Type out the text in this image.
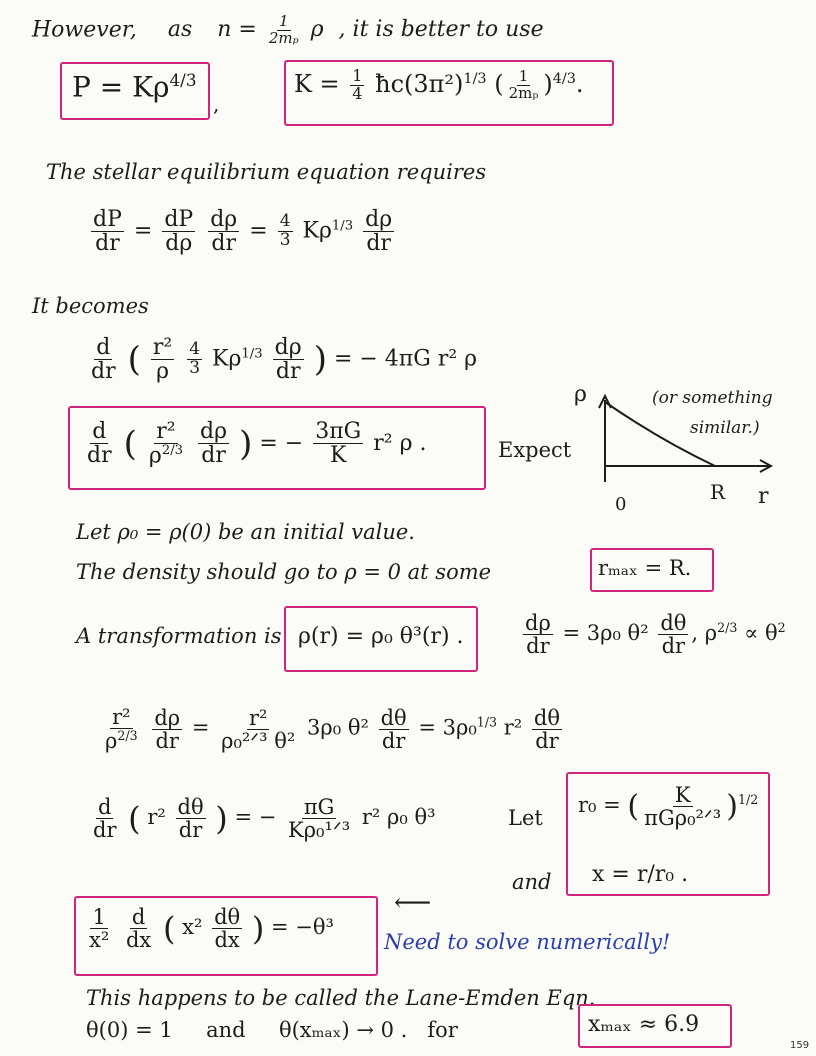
However, as $n = \frac{1}{\text{2mₚ}}$ ρ , it is better to use
$P = K\rho^{4/3}$
,
$K = \frac{1}{4}$ $ħc(3\pi^2)^{1/3}$ ( $\frac{1}{\text{2mₚ}} )^{4/3}$.
The stellar equilibrium equation requires
$\frac{dP}{dr} = \frac{dP}{d\rho}$
$\frac{d\rho}{dr} = \frac{4}{3} K\rho^{1/3} \frac{d\rho}{dr}$
It becomes
$\frac{d}{dr}$ ( $\frac{\text{r²}}{\rho}$
$\frac{4}{3} K\rho^{1/3} \frac{d\rho}{dr}$ ) = − 4πG r² ρ
$\frac{d}{dr}$ ( $\frac{\text{r²}}{\rho^{2/3}}$
$\frac{d\rho}{dr}$ ) = − $\frac{3\pi G}{K} r^2$ ρ .	Expect
ρ
r
0
R
(or something
similar.)
Let ρ₀ = ρ(0) be an initial value.
The density should go to ρ = 0 at some	rₘₐₓ = R.
A transformation is ρ(r) = ρ₀ θ³(r) .	$\frac{d\rho}{dr} = 3\rho_0$ $\theta^2 \frac{d\theta}{dr}$ , $\rho^{2/3} \propto \theta^2$
$\frac{\text{r²}}{\rho^{2/3}}$
$\frac{d\rho}{dr} = \frac{\text{r²}}{\text{ρ₀²ᐟ³ θ²}} 3\rho_0$ $\theta^2 \frac{d\theta}{dr} = 3\rho_0^{1/3}$ $r^2 \frac{d\theta}{dr}$
$\frac{d}{dr}$ ( $r^2 \frac{d\theta}{dr}$ ) = − $\frac{\pi G}{\text{Kρ₀¹ᐟ³}} r^2$ ρ₀ θ³	Let
and
r₀ = ( $\frac{K}{\text{πGρ₀²ᐟ³}} )^{1/2}$
x = r/r₀ .
$\frac{1}{\text{x²}}$
$\frac{d}{dx}$ ( $x^2 \frac{d\theta}{dx}$ ) = −θ³
⟵
Need to solve numerically!
This happens to be called the Lane-Emden Eqn.
θ(0) = 1     and     θ(xₘₐₓ) → 0 .   for	xₘₐₓ ≈ 6.9
159
